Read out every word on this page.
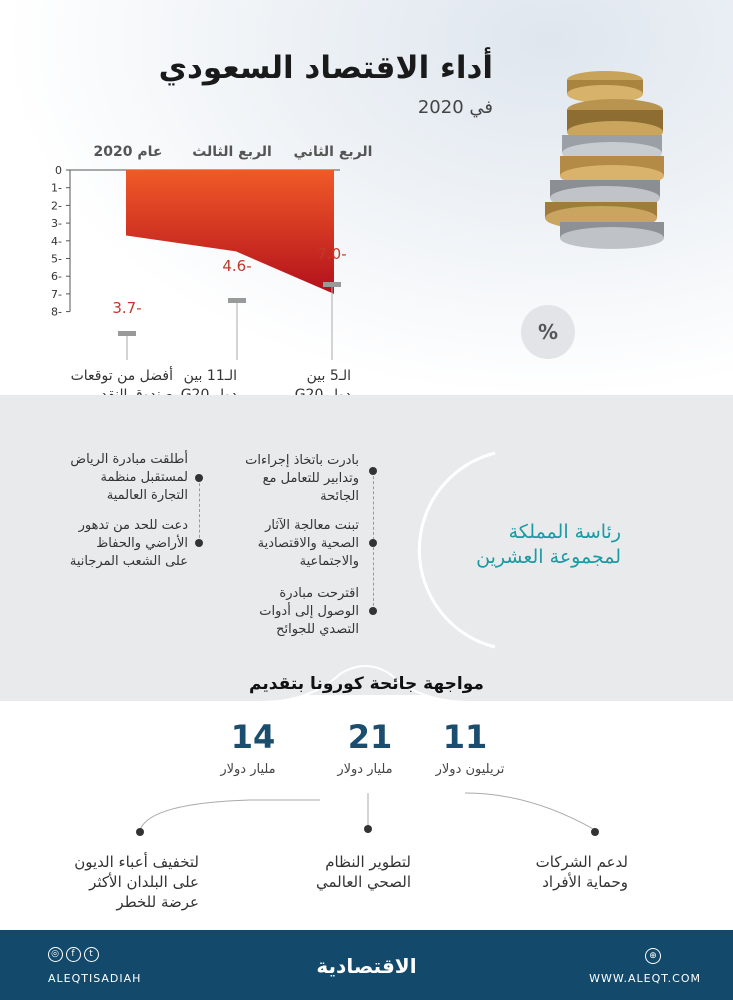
أداء الاقتصاد السعودي
في 2020
%
0
1-
2-
3-
4-
5-
6-
7-
8-
الربع الثاني
الربع الثالث
عام 2020
7.0-
4.6-
3.7-
الـ5 بين
الـ11 بين
أفضل من توقعات
رئاسة المملكة
لمجموعة العشرين
بادرت باتخاذ إجراءات
وتدابير للتعامل مع
الجائحة
تبنت معالجة الآثار
الصحية والاقتصادية
والاجتماعية
اقترحت مبادرة
الوصول إلى أدوات
التصدي للجوائح
أطلقت مبادرة الرياض
لمستقبل منظمة
التجارة العالمية
دعت للحد من تدهور
الأراضي والحفاظ
على الشعب المرجانية
مواجهة جائحة كورونا بتقديم
11
تريليون دولار
21
مليار دولار
14
مليار دولار
لدعم الشركات
وحماية الأفراد
لتطوير النظام
الصحي العالمي
لتخفيف أعباء الديون
على البلدان الأكثر
عرضة للخطر
◎ f t
ALEQTISADIAH
الاقتصادية	⊕
WWW.ALEQT.COM
